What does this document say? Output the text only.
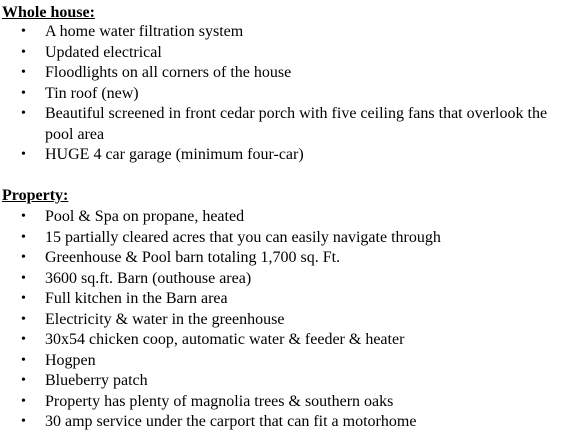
Whole house:
• A home water filtration system
• Updated electrical
• Floodlights on all corners of the house
• Tin roof (new)
• Beautiful screened in front cedar porch with five ceiling fans that overlook the pool area
• HUGE 4 car garage (minimum four-car)
Property:
• Pool & Spa on propane, heated
• 15 partially cleared acres that you can easily navigate through
• Greenhouse & Pool barn totaling 1,700 sq. Ft.
• 3600 sq.ft. Barn (outhouse area)
• Full kitchen in the Barn area
• Electricity & water in the greenhouse
• 30x54 chicken coop, automatic water & feeder & heater
• Hogpen
• Blueberry patch
• Property has plenty of magnolia trees & southern oaks
• 30 amp service under the carport that can fit a motorhome
